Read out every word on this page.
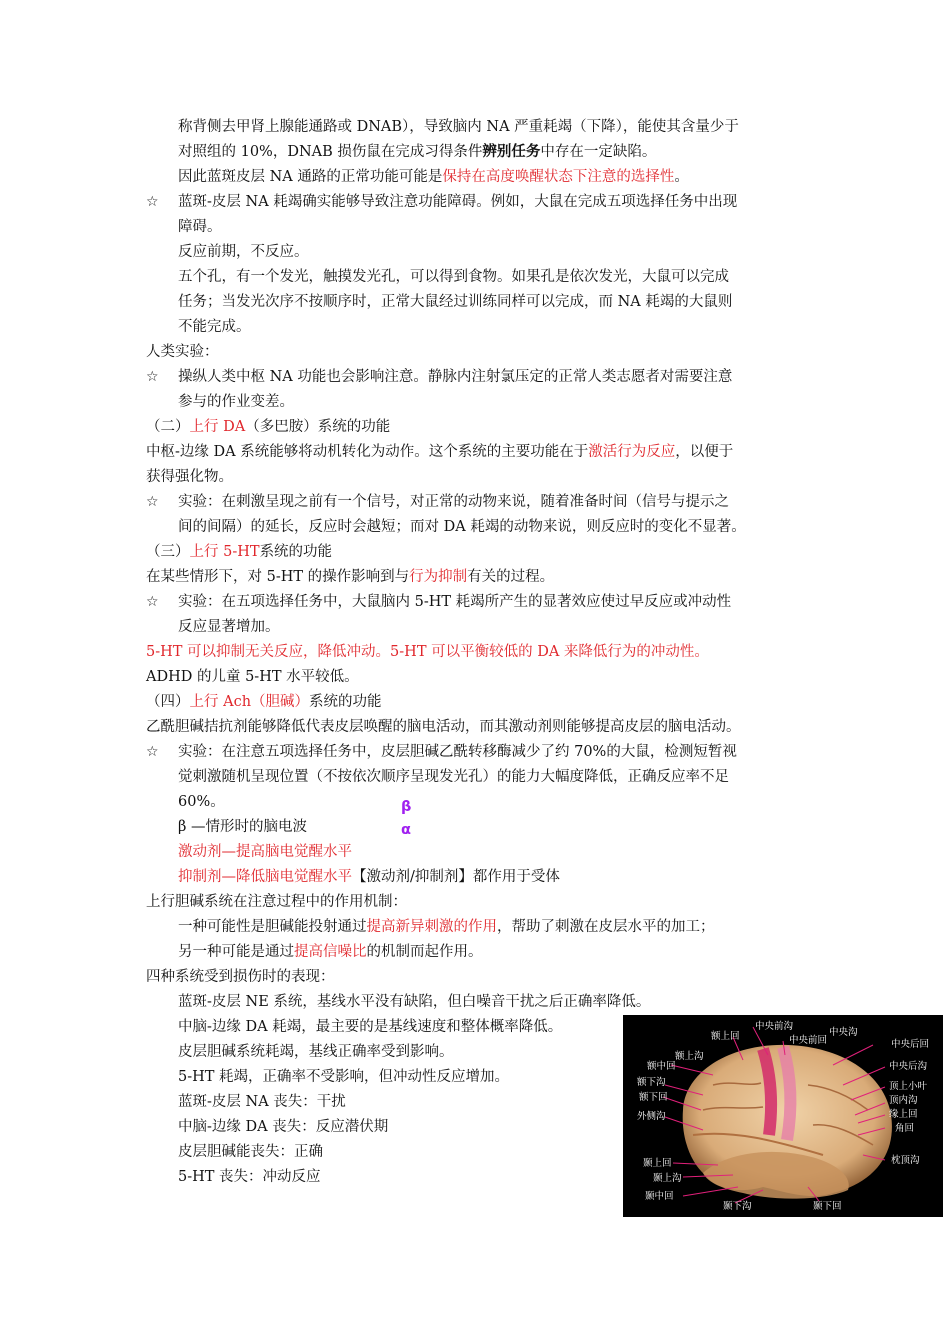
称背侧去甲肾上腺能通路或 DNAB），导致脑内 NA 严重耗竭（下降），能使其含量少于
对照组的 10%，DNAB 损伤鼠在完成习得条件辨别任务中存在一定缺陷。
因此蓝斑皮层 NA 通路的正常功能可能是保持在高度唤醒状态下注意的选择性。
☆ 蓝斑-皮层 NA 耗竭确实能够导致注意功能障碍。例如，大鼠在完成五项选择任务中出现
障碍。
反应前期，不反应。
五个孔，有一个发光，触摸发光孔，可以得到食物。如果孔是依次发光，大鼠可以完成
任务；当发光次序不按顺序时，正常大鼠经过训练同样可以完成，而 NA 耗竭的大鼠则
不能完成。
人类实验：
☆ 操纵人类中枢 NA 功能也会影响注意。静脉内注射氯压定的正常人类志愿者对需要注意
参与的作业变差。
（二）上行 DA（多巴胺）系统的功能
中枢-边缘 DA 系统能够将动机转化为动作。这个系统的主要功能在于激活行为反应，以便于
获得强化物。
☆ 实验：在刺激呈现之前有一个信号，对正常的动物来说，随着准备时间（信号与提示之
间的间隔）的延长，反应时会越短；而对 DA 耗竭的动物来说，则反应时的变化不显著。
（三）上行 5-HT系统的功能
在某些情形下，对 5-HT 的操作影响到与行为抑制有关的过程。
☆ 实验：在五项选择任务中，大鼠脑内 5-HT 耗竭所产生的显著效应使过早反应或冲动性
反应显著增加。
5-HT 可以抑制无关反应，降低冲动。5-HT 可以平衡较低的 DA 来降低行为的冲动性。
ADHD 的儿童 5-HT 水平较低。
（四）上行 Ach（胆碱）系统的功能
乙酰胆碱拮抗剂能够降低代表皮层唤醒的脑电活动，而其激动剂则能够提高皮层的脑电活动。
☆ 实验：在注意五项选择任务中，皮层胆碱乙酰转移酶减少了约 70%的大鼠，检测短暂视
觉刺激随机呈现位置（不按依次顺序呈现发光孔）的能力大幅度降低，正确反应率不足
60%。	β
α
β —情形时的脑电波
激动剂—提高脑电觉醒水平
抑制剂—降低脑电觉醒水平【激动剂/抑制剂】都作用于受体
上行胆碱系统在注意过程中的作用机制：
一种可能性是胆碱能投射通过提高新异刺激的作用，帮助了刺激在皮层水平的加工；
另一种可能是通过提高信噪比的机制而起作用。
四种系统受到损伤时的表现：
蓝斑-皮层 NE 系统，基线水平没有缺陷，但白噪音干扰之后正确率降低。
中脑-边缘 DA 耗竭，最主要的是基线速度和整体概率降低。
皮层胆碱系统耗竭，基线正确率受到影响。
5-HT 耗竭，正确率不受影响，但冲动性反应增加。
蓝斑-皮层 NA 丧失：干扰
中脑-边缘 DA 丧失：反应潜伏期
皮层胆碱能丧失：正确
5-HT 丧失：冲动反应
中央前沟
中央沟
额上回	中央前回	中央后回
额上沟
额中回	中央后沟
额下沟	顶上小叶
额下回	顶内沟
外侧沟	缘上回
角回
颞上回	枕顶沟
颞上沟
颞中回
颞下沟	颞下回
